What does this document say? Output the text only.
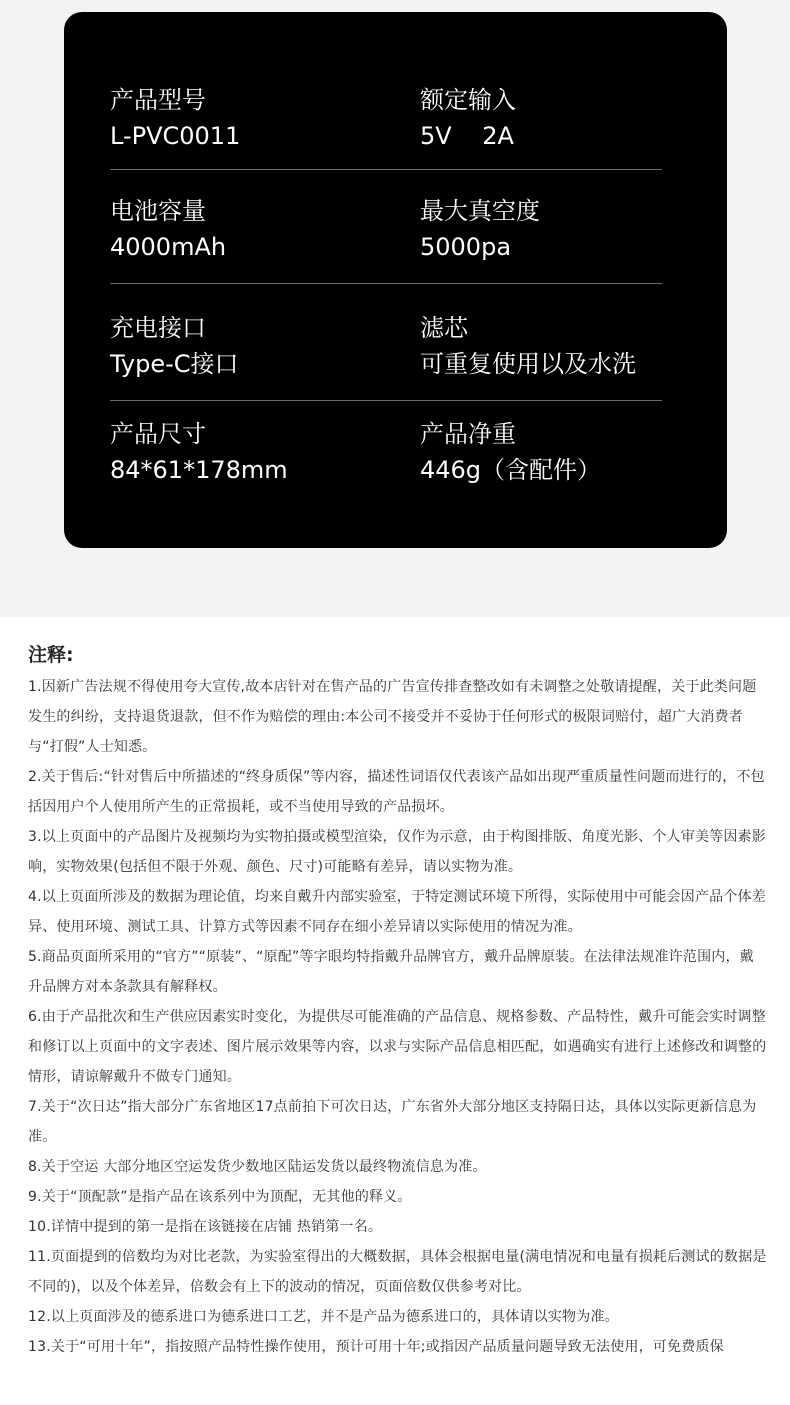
产品型号
L-PVC0011
额定输入
5V    2A
电池容量
4000mAh
最大真空度
5000pa
充电接口
Type-C接口
滤芯
可重复使用以及水洗
产品尺寸
84*61*178mm
产品净重
446g（含配件）
注释:
1.因新广告法规不得使用夸大宣传,故本店针对在售产品的广告宣传排查整改如有未调整之处敬请提醒，关于此类问题发生的纠纷，支持退货退款，但不作为赔偿的理由:本公司不接受并不妥协于任何形式的极限词赔付，超广大消费者与“打假”人士知悉。
2.关于售后:“针对售后中所描述的“终身质保”等内容，描述性词语仅代表该产品如出现严重质量性问题而进行的，不包括因用户个人使用所产生的正常损耗，或不当使用导致的产品损坏。
3.以上页面中的产品图片及视频均为实物拍摄或模型渲染，仅作为示意，由于构图排版、角度光影、个人审美等因素影响，实物效果(包括但不限于外观、颜色、尺寸)可能略有差异，请以实物为准。
4.以上页面所涉及的数据为理论值，均来自戴升内部实验室，于特定测试环境下所得，实际使用中可能会因产品个体差异、使用环境、测试工具、计算方式等因素不同存在细小差异请以实际使用的情况为准。
5.商品页面所采用的“官方”“原装”、“原配”等字眼均特指戴升品牌官方，戴升品牌原装。在法律法规准许范围内，戴升品牌方对本条款具有解释权。
6.由于产品批次和生产供应因素实时变化，为提供尽可能准确的产品信息、规格参数、产品特性，戴升可能会实时调整和修订以上页面中的文字表述、图片展示效果等内容，以求与实际产品信息相匹配，如遇确实有进行上述修改和调整的情形，请谅解戴升不做专门通知。
7.关于“次日达”指大部分广东省地区17点前拍下可次日达，广东省外大部分地区支持隔日达，具体以实际更新信息为准。
8.关于空运 大部分地区空运发货少数地区陆运发货以最终物流信息为准。
9.关于“顶配款”是指产品在该系列中为顶配，无其他的释义。
10.详情中提到的第一是指在该链接在店铺 热销第一名。
11.页面提到的倍数均为对比老款，为实验室得出的大概数据，具体会根据电量(满电情况和电量有损耗后测试的数据是不同的)，以及个体差异，倍数会有上下的波动的情况，页面倍数仅供参考对比。
12.以上页面涉及的德系进口为德系进口工艺，并不是产品为德系进口的，具体请以实物为准。
13.关于“可用十年”，指按照产品特性操作使用，预计可用十年;或指因产品质量问题导致无法使用，可免费质保
